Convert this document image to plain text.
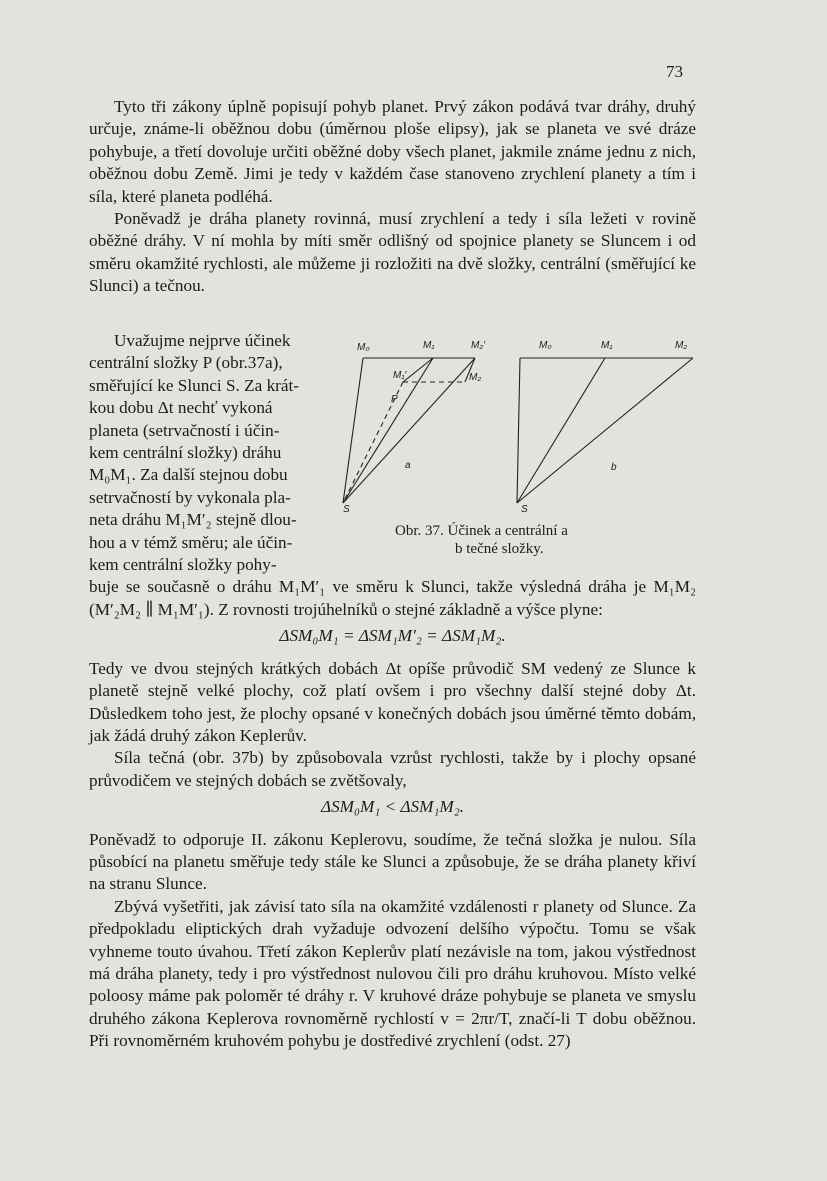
73

Tyto tři zákony úplně popisují pohyb planet. Prvý zákon podává tvar dráhy, druhý určuje, známe-li oběžnou dobu (úměrnou ploše elipsy), jak se planeta ve své dráze pohybuje, a třetí dovoluje určiti oběžné doby všech planet, jakmile známe jednu z nich, oběžnou dobu Země. Jimi je tedy v každém čase stanoveno zrychlení planety a tím i síla, které planeta podléhá.

Poněvadž je dráha planety rovinná, musí zrychlení a tedy i síla ležeti v rovině oběžné dráhy. V ní mohla by míti směr odlišný od spojnice planety se Sluncem i od směru okamžité rychlosti, ale můžeme ji rozložiti na dvě složky, centrální (směřující ke Slunci) a tečnou.

Uvažujme nejprve účinek
centrální složky P (obr.37a),
směřující ke Slunci S. Za krát-
kou dobu Δt nechť vykoná
planeta (setrvačností i účin-
kem centrální složky) dráhu
M₀M₁. Za další stejnou dobu
setrvačností by vykonala pla-
neta dráhu M₁M′₂ stejně dlou-
hou a v témž směru; ale účin-
kem centrální složky pohy-

buje se současně o dráhu M₁M′₁ ve směru k Slunci, takže výsledná dráha je M₁M₂ (M′₂M₂ ∥ M₁M′₁). Z rovnosti trojúhelníků o stejné základně a výšce plyne:

ΔSM₀M₁ = ΔSM₁M′₂ = ΔSM₁M₂.

Tedy ve dvou stejných krátkých dobách Δt opíše průvodič SM vedený ze Slunce k planetě stejně velké plochy, což platí ovšem i pro všechny další stejné doby Δt. Důsledkem toho jest, že plochy opsané v konečných dobách jsou úměrné těmto dobám, jak žádá druhý zákon Keplerův.

Síla tečná (obr. 37b) by způsobovala vzrůst rychlosti, takže by i plochy opsané průvodičem ve stejných dobách se zvětšovaly,

ΔSM₀M₁ < ΔSM₁M₂.

Poněvadž to odporuje II. zákonu Keplerovu, soudíme, že tečná složka je nulou. Síla působící na planetu směřuje tedy stále ke Slunci a způsobuje, že se dráha planety křiví na stranu Slunce.

Zbývá vyšetřiti, jak závisí tato síla na okamžité vzdálenosti r planety od Slunce. Za předpokladu eliptických drah vyžaduje odvození delšího výpočtu. Tomu se však vyhneme touto úvahou. Třetí zákon Keplerův platí nezávisle na tom, jakou výstřednost má dráha planety, tedy i pro výstřednost nulovou čili pro dráhu kruhovou. Místo velké poloosy máme pak poloměr té dráhy r. V kruhové dráze pohybuje se planeta ve smyslu druhého zákona Keplerova rovnoměrně rychlostí v = 2πr/T, značí-li T dobu oběžnou. Při rovnoměrném kruhovém pohybu je dostředivé zrychlení (odst. 27)

M₀	M₁	M₂′
M₁′	M₂
P
a
S
M₀	M₁	M₂
b
S
Obr. 37. Účinek a centrální a
b tečné složky.
